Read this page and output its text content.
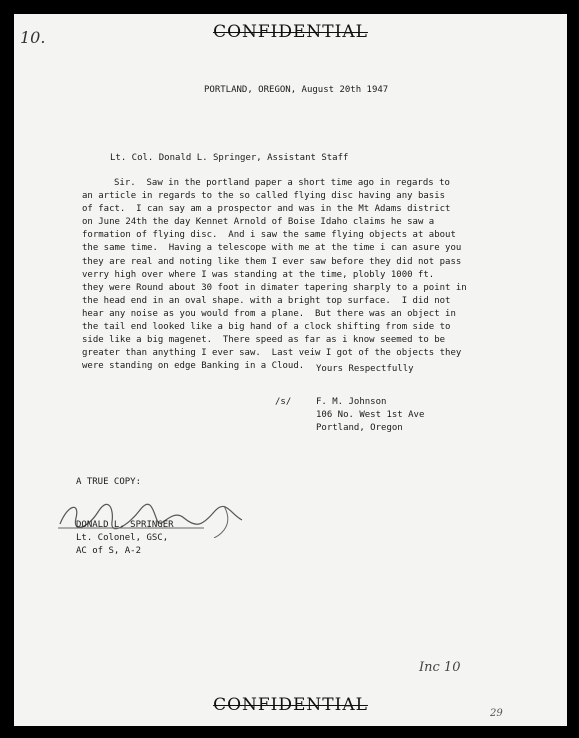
10.	CONFIDENTIAL
PORTLAND, OREGON, August 20th 1947
Lt. Col. Donald L. Springer, Assistant Staff
Sir.  Saw in the portland paper a short time ago in regards to
an article in regards to the so called flying disc having any basis
of fact.  I can say am a prospector and was in the Mt Adams district
on June 24th the day Kennet Arnold of Boise Idaho claims he saw a
formation of flying disc.  And i saw the same flying objects at about
the same time.  Having a telescope with me at the time i can asure you
they are real and noting like them I ever saw before they did not pass
verry high over where I was standing at the time, plobly 1000 ft.
they were Round about 30 foot in dimater tapering sharply to a point in
the head end in an oval shape. with a bright top surface.  I did not
hear any noise as you would from a plane.  But there was an object in
the tail end looked like a big hand of a clock shifting from side to
side like a big magenet.  There speed as far as i know seemed to be
greater than anything I ever saw.  Last veiw I got of the objects they
were standing on edge Banking in a Cloud.	Yours Respectfully
/s/	F. M. Johnson
106 No. West 1st Ave
Portland, Oregon
A TRUE COPY:
DONALD L. SPRINGER
Lt. Colonel, GSC,
AC of S, A-2
Inc 10
CONFIDENTIAL	29
